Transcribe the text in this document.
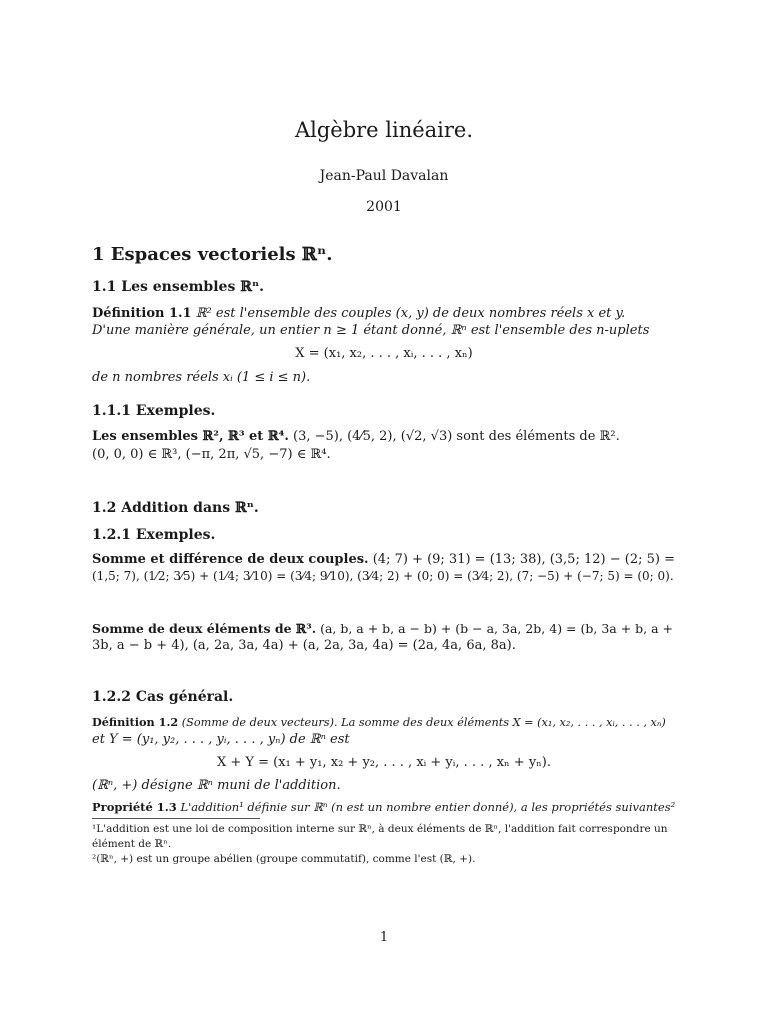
Algèbre linéaire.
Jean-Paul Davalan
2001
1 Espaces vectoriels ℝⁿ.
1.1 Les ensembles ℝⁿ.
Définition 1.1 ℝ² est l'ensemble des couples (x, y) de deux nombres réels x et y.
D'une manière générale, un entier n ≥ 1 étant donné, ℝⁿ est l'ensemble des n-uplets
X = (x₁, x₂, . . . , xᵢ, . . . , xₙ)
de n nombres réels xᵢ (1 ≤ i ≤ n).
1.1.1 Exemples.
Les ensembles ℝ², ℝ³ et ℝ⁴. (3, −5), (4⁄5, 2), (√2, √3) sont des éléments de ℝ².
(0, 0, 0) ∈ ℝ³, (−π, 2π, √5, −7) ∈ ℝ⁴.
1.2 Addition dans ℝⁿ.
1.2.1 Exemples.
Somme et différence de deux couples. (4; 7) + (9; 31) = (13; 38), (3,5; 12) − (2; 5) =
(1,5; 7), (1⁄2; 3⁄5) + (1⁄4; 3⁄10) = (3⁄4; 9⁄10), (3⁄4; 2) + (0; 0) = (3⁄4; 2), (7; −5) + (−7; 5) = (0; 0).
Somme de deux éléments de ℝ³. (a, b, a + b, a − b) + (b − a, 3a, 2b, 4) = (b, 3a + b, a +
3b, a − b + 4), (a, 2a, 3a, 4a) + (a, 2a, 3a, 4a) = (2a, 4a, 6a, 8a).
1.2.2 Cas général.
Définition 1.2 (Somme de deux vecteurs). La somme des deux éléments X = (x₁, x₂, . . . , xᵢ, . . . , xₙ)
et Y = (y₁, y₂, . . . , yᵢ, . . . , yₙ) de ℝⁿ est
X + Y = (x₁ + y₁, x₂ + y₂, . . . , xᵢ + yᵢ, . . . , xₙ + yₙ).
(ℝⁿ, +) désigne ℝⁿ muni de l'addition.
Propriété 1.3 L'addition¹ définie sur ℝⁿ (n est un nombre entier donné), a les propriétés suivantes²
¹L'addition est une loi de composition interne sur ℝⁿ, à deux éléments de ℝⁿ, l'addition fait correspondre un
élément de ℝⁿ.
²(ℝⁿ, +) est un groupe abélien (groupe commutatif), comme l'est (ℝ, +).
1
